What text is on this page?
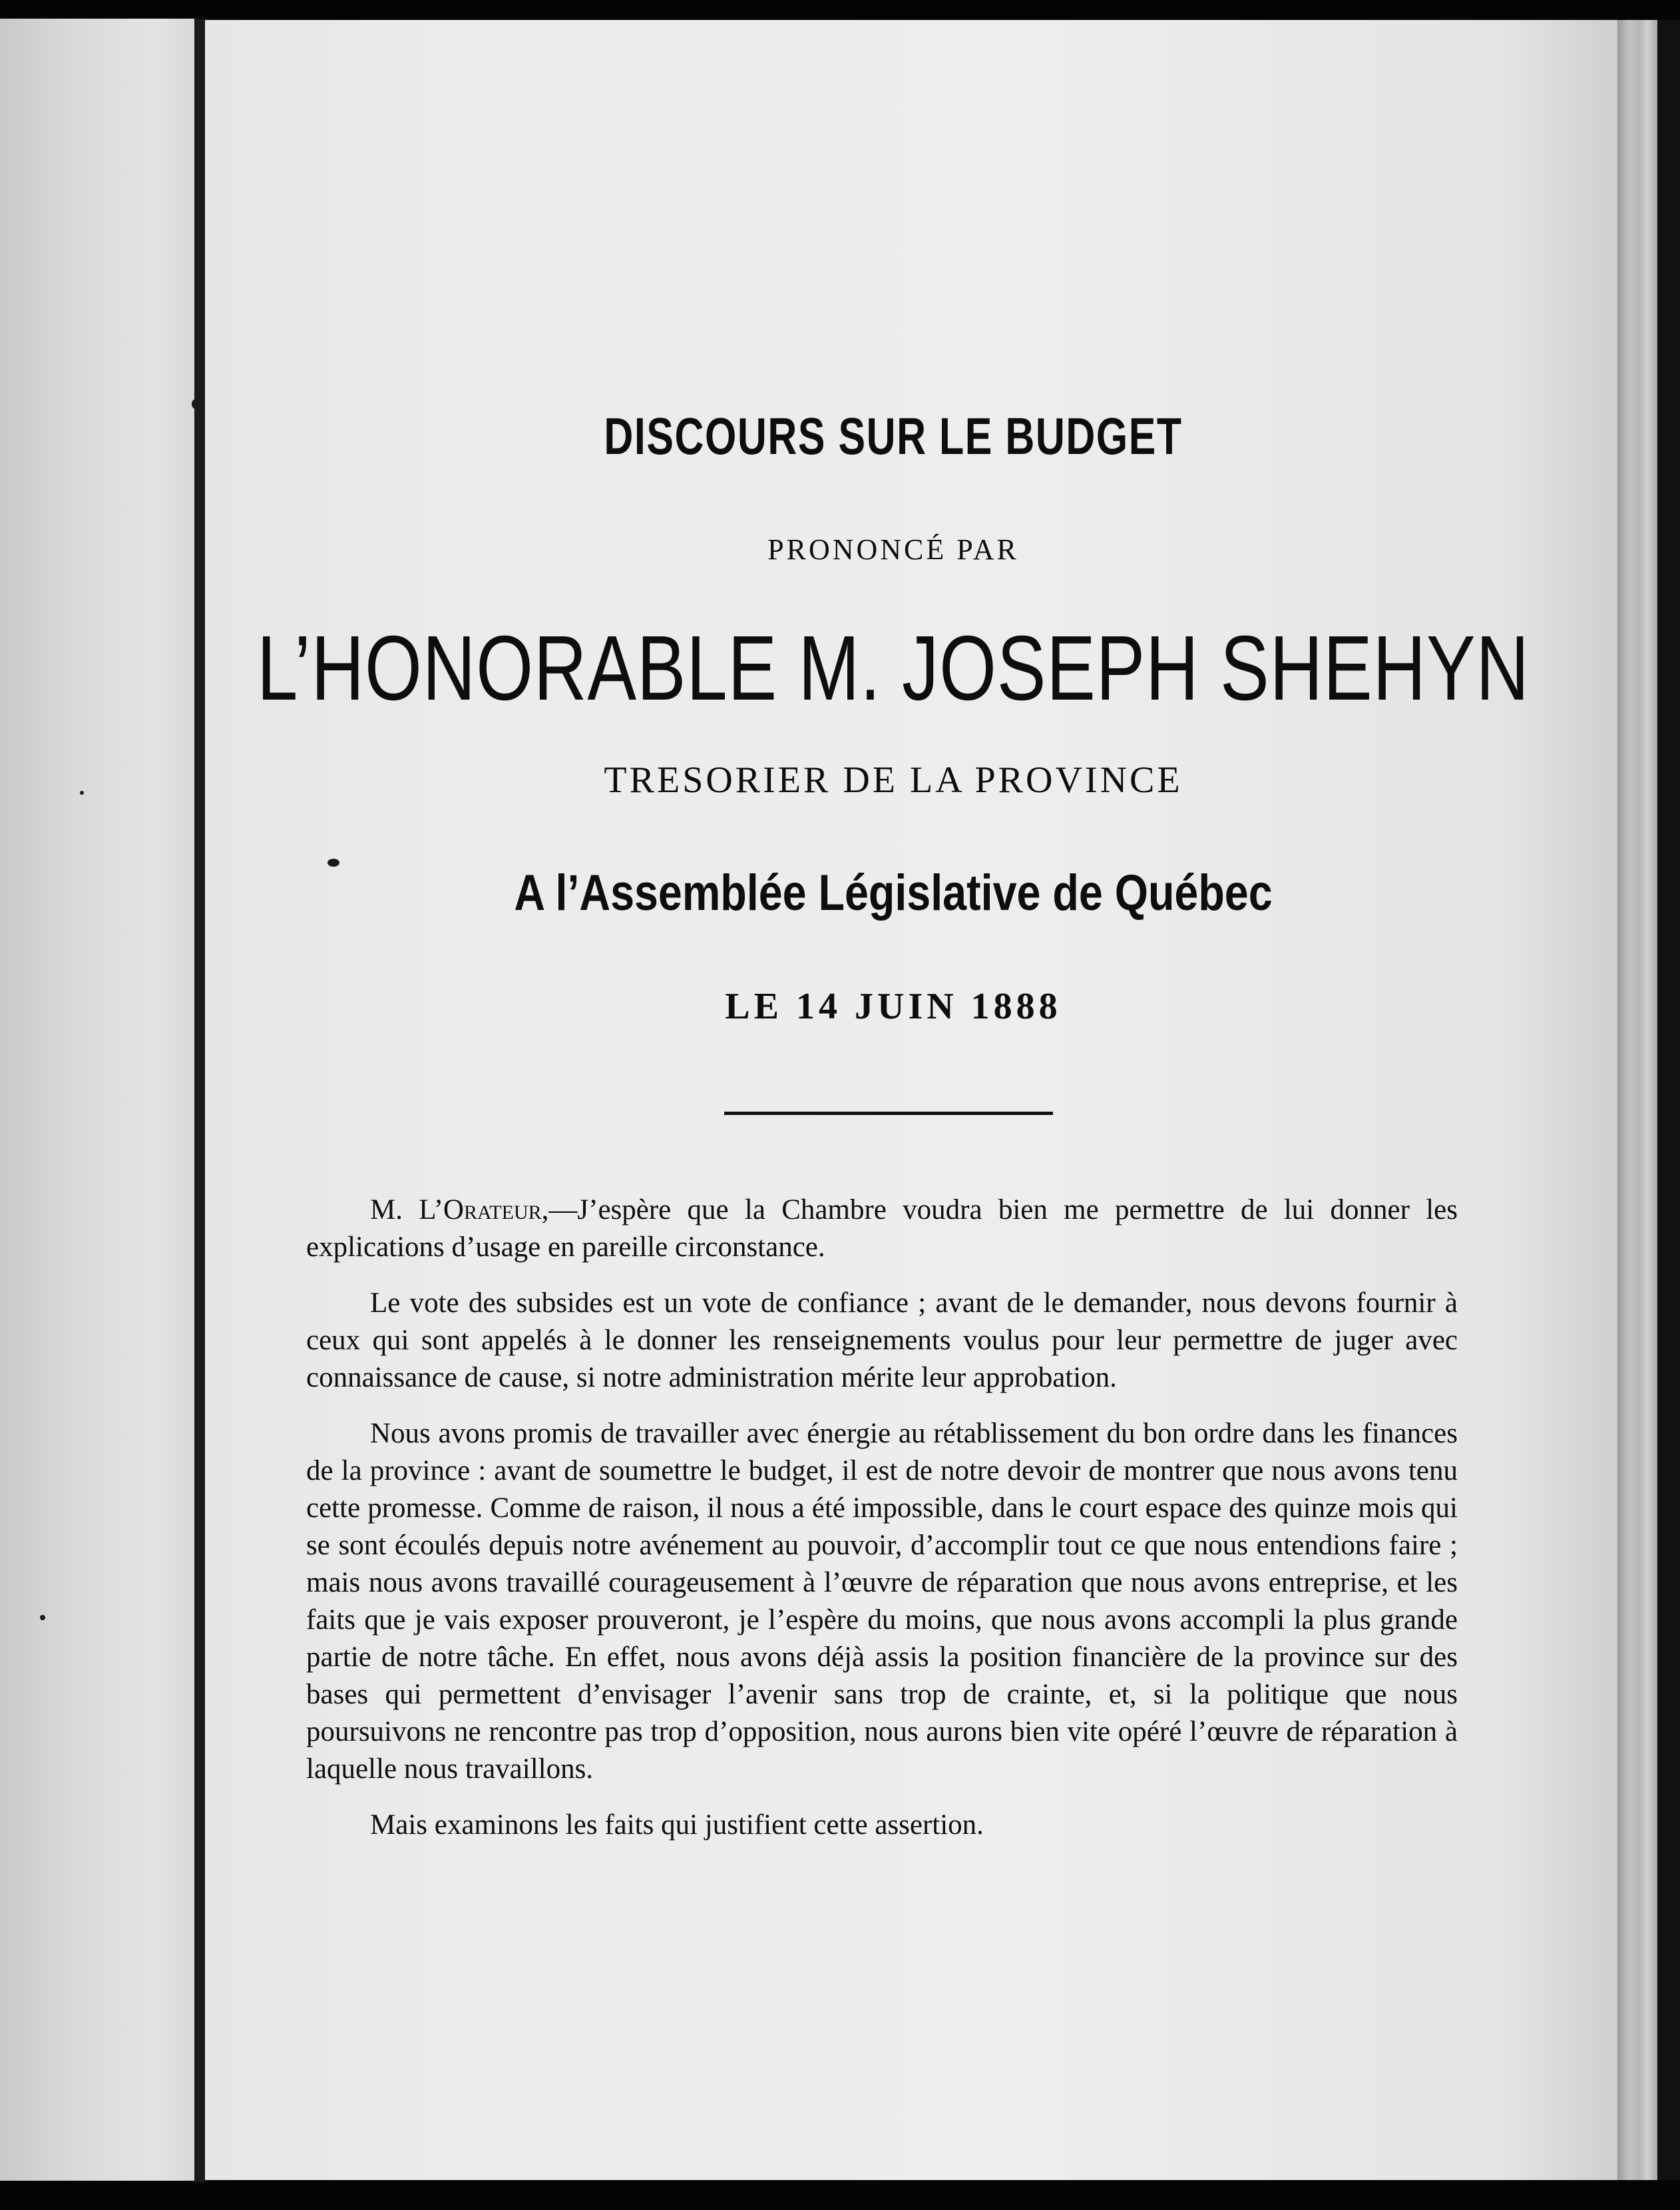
DISCOURS SUR LE BUDGET
PRONONCÉ PAR
L’HONORABLE M. JOSEPH SHEHYN
TRESORIER DE LA PROVINCE
A l’Assemblée Législative de Québec
LE 14 JUIN 1888

M. L’Orateur,—J’espère que la Chambre voudra bien me permettre de lui donner les explications d’usage en pareille circonstance.

Le vote des subsides est un vote de confiance ; avant de le demander, nous devons fournir à ceux qui sont appelés à le donner les renseignements voulus pour leur permettre de juger avec connaissance de cause, si notre administration mérite leur approbation.

Nous avons promis de travailler avec énergie au rétablissement du bon ordre dans les finances de la province : avant de soumettre le budget, il est de notre devoir de montrer que nous avons tenu cette promesse. Comme de raison, il nous a été impossible, dans le court espace des quinze mois qui se sont écoulés depuis notre avénement au pouvoir, d’accomplir tout ce que nous entendions faire ; mais nous avons travaillé courageusement à l’œuvre de réparation que nous avons entreprise, et les faits que je vais exposer prouveront, je l’espère du moins, que nous avons accompli la plus grande partie de notre tâche. En effet, nous avons déjà assis la position financière de la province sur des bases qui permettent d’envisager l’avenir sans trop de crainte, et, si la politique que nous poursuivons ne rencontre pas trop d’opposition, nous aurons bien vite opéré l’œuvre de réparation à laquelle nous travaillons.

Mais examinons les faits qui justifient cette assertion.
